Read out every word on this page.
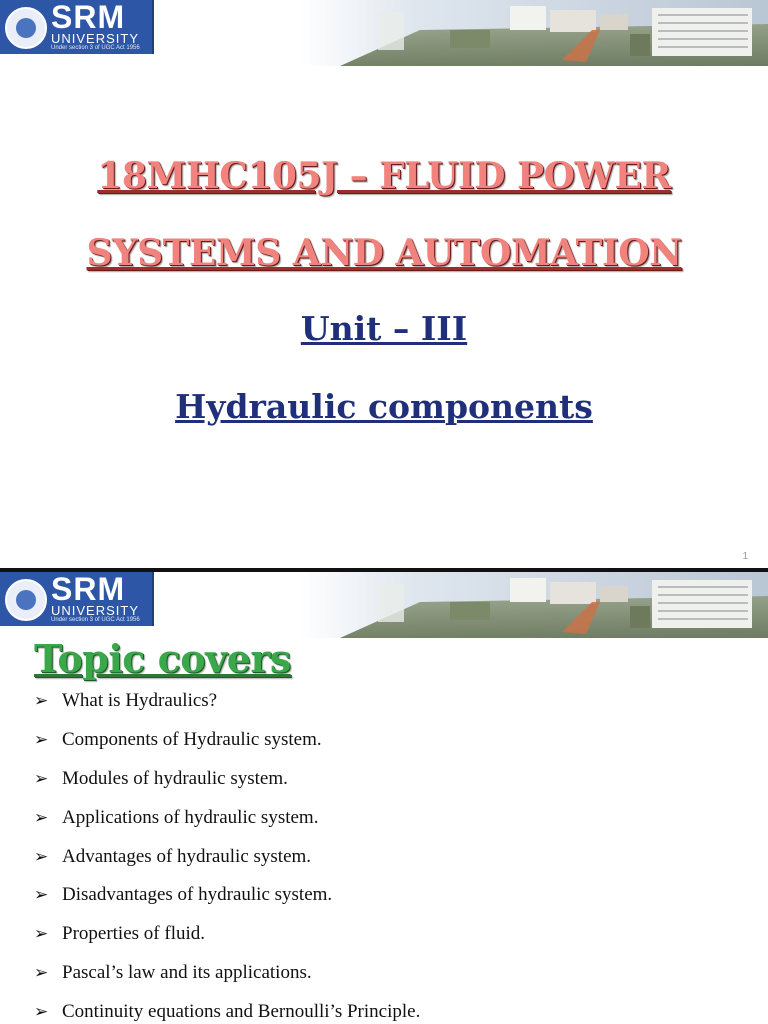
SRM
UNIVERSITY
Under section 3 of UGC Act 1956
18MHC105J – FLUID POWER
SYSTEMS AND AUTOMATION
Unit – III
Hydraulic components
1
SRM
UNIVERSITY
Under section 3 of UGC Act 1956
Topic covers
➢ What is Hydraulics?
➢ Components of Hydraulic system.
➢ Modules of hydraulic system.
➢ Applications of hydraulic system.
➢ Advantages of hydraulic system.
➢ Disadvantages of hydraulic system.
➢ Properties of fluid.
➢ Pascal’s law and its applications.
➢ Continuity equations and Bernoulli’s Principle.
